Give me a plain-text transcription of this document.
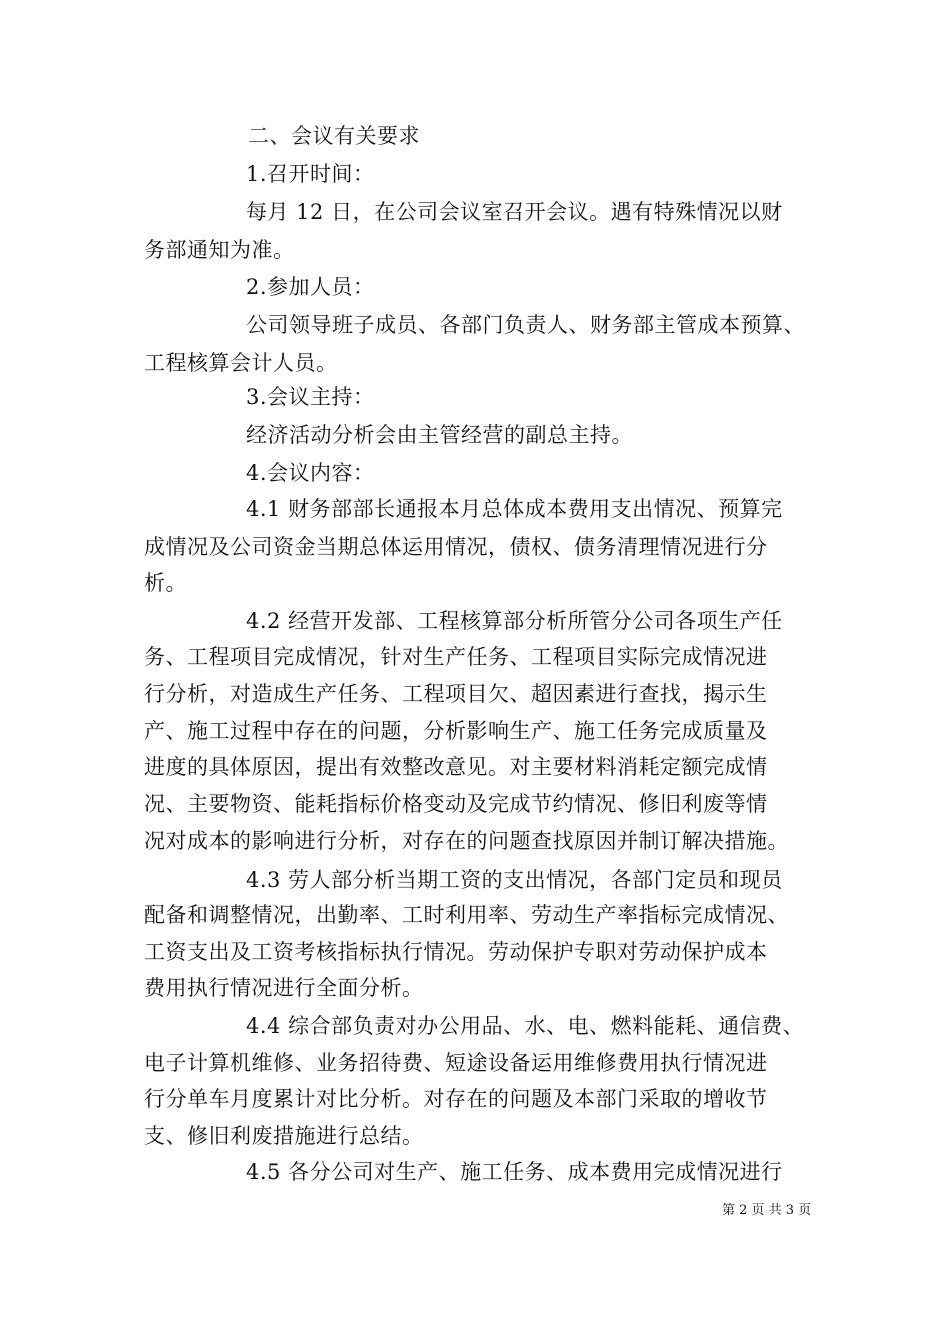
二、会议有关要求
1.召开时间：
每月 12 日，在公司会议室召开会议。遇有特殊情况以财
务部通知为准。
2.参加人员：
公司领导班子成员、各部门负责人、财务部主管成本预算、
工程核算会计人员。
3.会议主持：
经济活动分析会由主管经营的副总主持。
4.会议内容：
4.1 财务部部长通报本月总体成本费用支出情况、预算完
成情况及公司资金当期总体运用情况，债权、债务清理情况进行分
析。
4.2 经营开发部、工程核算部分析所管分公司各项生产任
务、工程项目完成情况，针对生产任务、工程项目实际完成情况进
行分析，对造成生产任务、工程项目欠、超因素进行查找，揭示生
产、施工过程中存在的问题，分析影响生产、施工任务完成质量及
进度的具体原因，提出有效整改意见。对主要材料消耗定额完成情
况、主要物资、能耗指标价格变动及完成节约情况、修旧利废等情
况对成本的影响进行分析，对存在的问题查找原因并制订解决措施。
4.3 劳人部分析当期工资的支出情况，各部门定员和现员
配备和调整情况，出勤率、工时利用率、劳动生产率指标完成情况、
工资支出及工资考核指标执行情况。劳动保护专职对劳动保护成本
费用执行情况进行全面分析。
4.4 综合部负责对办公用品、水、电、燃料能耗、通信费、
电子计算机维修、业务招待费、短途设备运用维修费用执行情况进
行分单车月度累计对比分析。对存在的问题及本部门采取的增收节
支、修旧利废措施进行总结。
4.5 各分公司对生产、施工任务、成本费用完成情况进行
第 2 页 共 3 页
